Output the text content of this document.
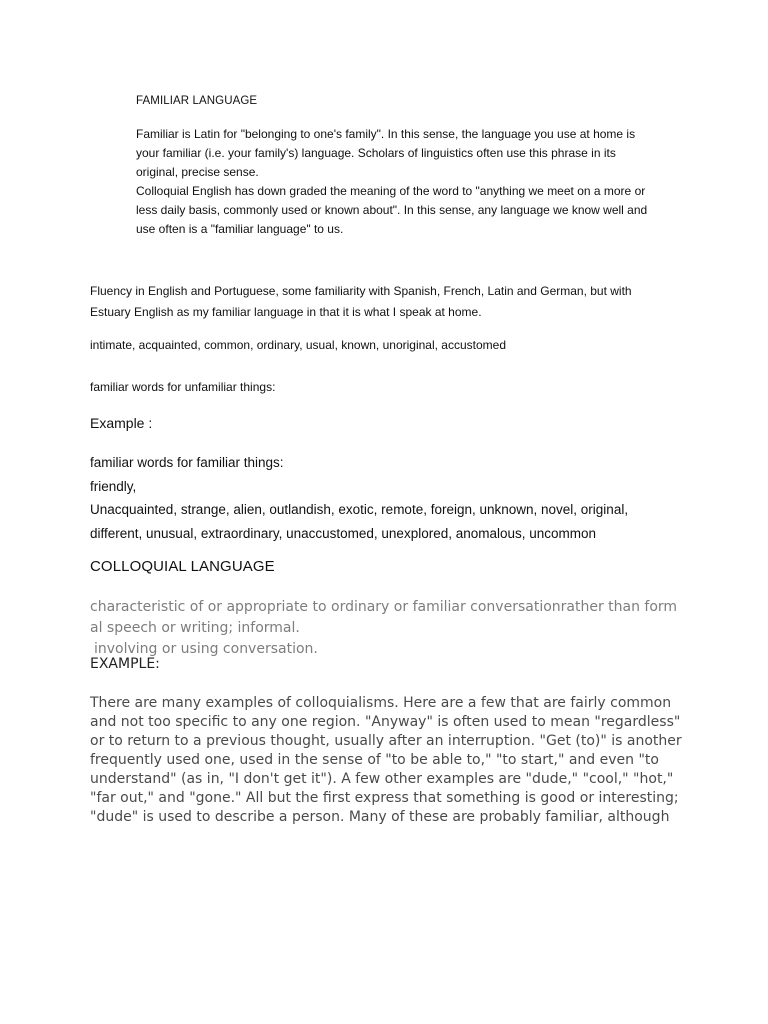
FAMILIAR LANGUAGE

Familiar is Latin for "belonging to one's family". In this sense, the language you use at home is
your familiar (i.e. your family's) language. Scholars of linguistics often use this phrase in its
original, precise sense.
Colloquial English has down graded the meaning of the word to "anything we meet on a more or
less daily basis, commonly used or known about". In this sense, any language we know well and
use often is a "familiar language" to us.
Fluency in English and Portuguese, some familiarity with Spanish, French, Latin and German, but with
Estuary English as my familiar language in that it is what I speak at home.

intimate, acquainted, common, ordinary, usual, known, unoriginal, accustomed

familiar words for unfamiliar things:

Example :

familiar words for familiar things:
friendly,
Unacquainted, strange, alien, outlandish, exotic, remote, foreign, unknown, novel, original,
different, unusual, extraordinary, unaccustomed, unexplored, anomalous, uncommon

COLLOQUIAL LANGUAGE

characteristic of or appropriate to ordinary or familiar conversationrather than form
al speech or writing; informal.
involving or using conversation.

EXAMPLE:

There are many examples of colloquialisms. Here are a few that are fairly common
and not too specific to any one region. "Anyway" is often used to mean "regardless"
or to return to a previous thought, usually after an interruption. "Get (to)" is another
frequently used one, used in the sense of "to be able to," "to start," and even "to
understand" (as in, "I don't get it"). A few other examples are "dude," "cool," "hot,"
"far out," and "gone." All but the first express that something is good or interesting;
"dude" is used to describe a person. Many of these are probably familiar, although
